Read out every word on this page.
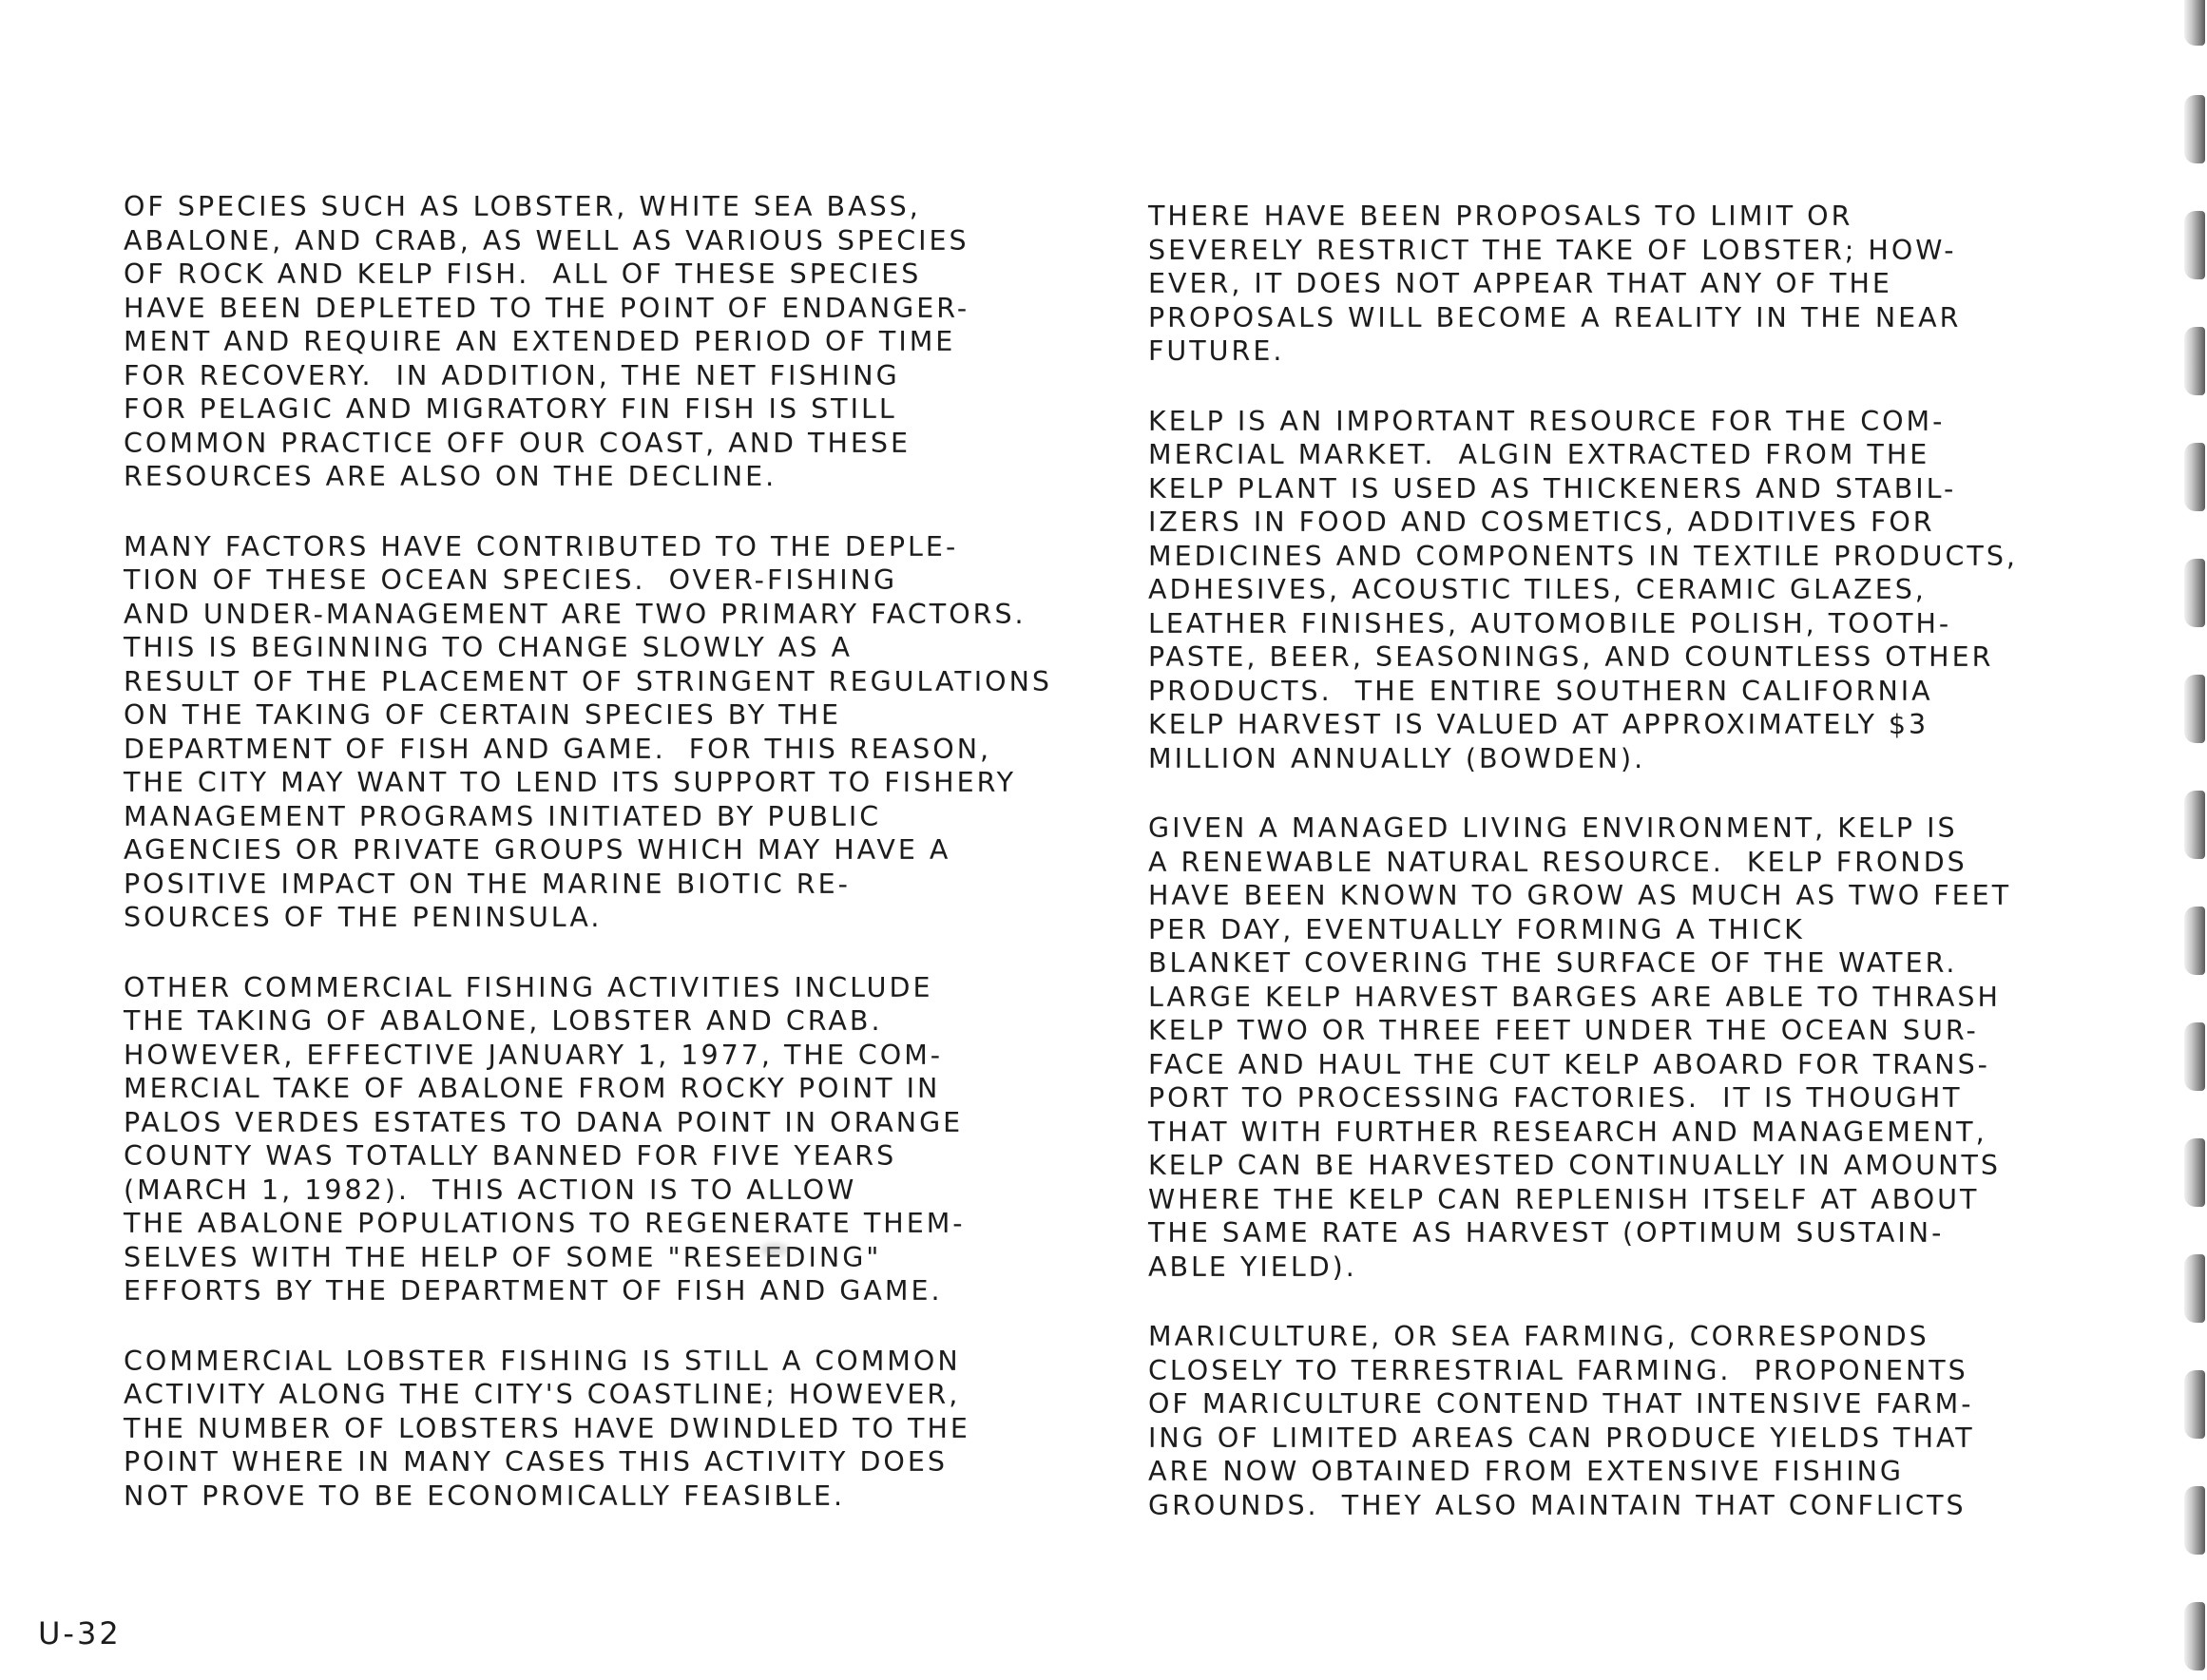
OF SPECIES SUCH AS LOBSTER, WHITE SEA BASS,
ABALONE, AND CRAB, AS WELL AS VARIOUS SPECIES
OF ROCK AND KELP FISH.  ALL OF THESE SPECIES
HAVE BEEN DEPLETED TO THE POINT OF ENDANGER-
MENT AND REQUIRE AN EXTENDED PERIOD OF TIME
FOR RECOVERY.  IN ADDITION, THE NET FISHING
FOR PELAGIC AND MIGRATORY FIN FISH IS STILL
COMMON PRACTICE OFF OUR COAST, AND THESE
RESOURCES ARE ALSO ON THE DECLINE.
MANY FACTORS HAVE CONTRIBUTED TO THE DEPLE-
TION OF THESE OCEAN SPECIES.  OVER-FISHING
AND UNDER-MANAGEMENT ARE TWO PRIMARY FACTORS.
THIS IS BEGINNING TO CHANGE SLOWLY AS A
RESULT OF THE PLACEMENT OF STRINGENT REGULATIONS
ON THE TAKING OF CERTAIN SPECIES BY THE
DEPARTMENT OF FISH AND GAME.  FOR THIS REASON,
THE CITY MAY WANT TO LEND ITS SUPPORT TO FISHERY
MANAGEMENT PROGRAMS INITIATED BY PUBLIC
AGENCIES OR PRIVATE GROUPS WHICH MAY HAVE A
POSITIVE IMPACT ON THE MARINE BIOTIC RE-
SOURCES OF THE PENINSULA.
OTHER COMMERCIAL FISHING ACTIVITIES INCLUDE
THE TAKING OF ABALONE, LOBSTER AND CRAB.
HOWEVER, EFFECTIVE JANUARY 1, 1977, THE COM-
MERCIAL TAKE OF ABALONE FROM ROCKY POINT IN
PALOS VERDES ESTATES TO DANA POINT IN ORANGE
COUNTY WAS TOTALLY BANNED FOR FIVE YEARS
(MARCH 1, 1982).  THIS ACTION IS TO ALLOW
THE ABALONE POPULATIONS TO REGENERATE THEM-
SELVES WITH THE HELP OF SOME "RESEEDING"
EFFORTS BY THE DEPARTMENT OF FISH AND GAME.
COMMERCIAL LOBSTER FISHING IS STILL A COMMON
ACTIVITY ALONG THE CITY'S COASTLINE; HOWEVER,
THE NUMBER OF LOBSTERS HAVE DWINDLED TO THE
POINT WHERE IN MANY CASES THIS ACTIVITY DOES
NOT PROVE TO BE ECONOMICALLY FEASIBLE.
THERE HAVE BEEN PROPOSALS TO LIMIT OR
SEVERELY RESTRICT THE TAKE OF LOBSTER; HOW-
EVER, IT DOES NOT APPEAR THAT ANY OF THE
PROPOSALS WILL BECOME A REALITY IN THE NEAR
FUTURE.
KELP IS AN IMPORTANT RESOURCE FOR THE COM-
MERCIAL MARKET.  ALGIN EXTRACTED FROM THE
KELP PLANT IS USED AS THICKENERS AND STABIL-
IZERS IN FOOD AND COSMETICS, ADDITIVES FOR
MEDICINES AND COMPONENTS IN TEXTILE PRODUCTS,
ADHESIVES, ACOUSTIC TILES, CERAMIC GLAZES,
LEATHER FINISHES, AUTOMOBILE POLISH, TOOTH-
PASTE, BEER, SEASONINGS, AND COUNTLESS OTHER
PRODUCTS.  THE ENTIRE SOUTHERN CALIFORNIA
KELP HARVEST IS VALUED AT APPROXIMATELY $3
MILLION ANNUALLY (BOWDEN).
GIVEN A MANAGED LIVING ENVIRONMENT, KELP IS
A RENEWABLE NATURAL RESOURCE.  KELP FRONDS
HAVE BEEN KNOWN TO GROW AS MUCH AS TWO FEET
PER DAY, EVENTUALLY FORMING A THICK
BLANKET COVERING THE SURFACE OF THE WATER.
LARGE KELP HARVEST BARGES ARE ABLE TO THRASH
KELP TWO OR THREE FEET UNDER THE OCEAN SUR-
FACE AND HAUL THE CUT KELP ABOARD FOR TRANS-
PORT TO PROCESSING FACTORIES.  IT IS THOUGHT
THAT WITH FURTHER RESEARCH AND MANAGEMENT,
KELP CAN BE HARVESTED CONTINUALLY IN AMOUNTS
WHERE THE KELP CAN REPLENISH ITSELF AT ABOUT
THE SAME RATE AS HARVEST (OPTIMUM SUSTAIN-
ABLE YIELD).
MARICULTURE, OR SEA FARMING, CORRESPONDS
CLOSELY TO TERRESTRIAL FARMING.  PROPONENTS
OF MARICULTURE CONTEND THAT INTENSIVE FARM-
ING OF LIMITED AREAS CAN PRODUCE YIELDS THAT
ARE NOW OBTAINED FROM EXTENSIVE FISHING
GROUNDS.  THEY ALSO MAINTAIN THAT CONFLICTS
U-32
